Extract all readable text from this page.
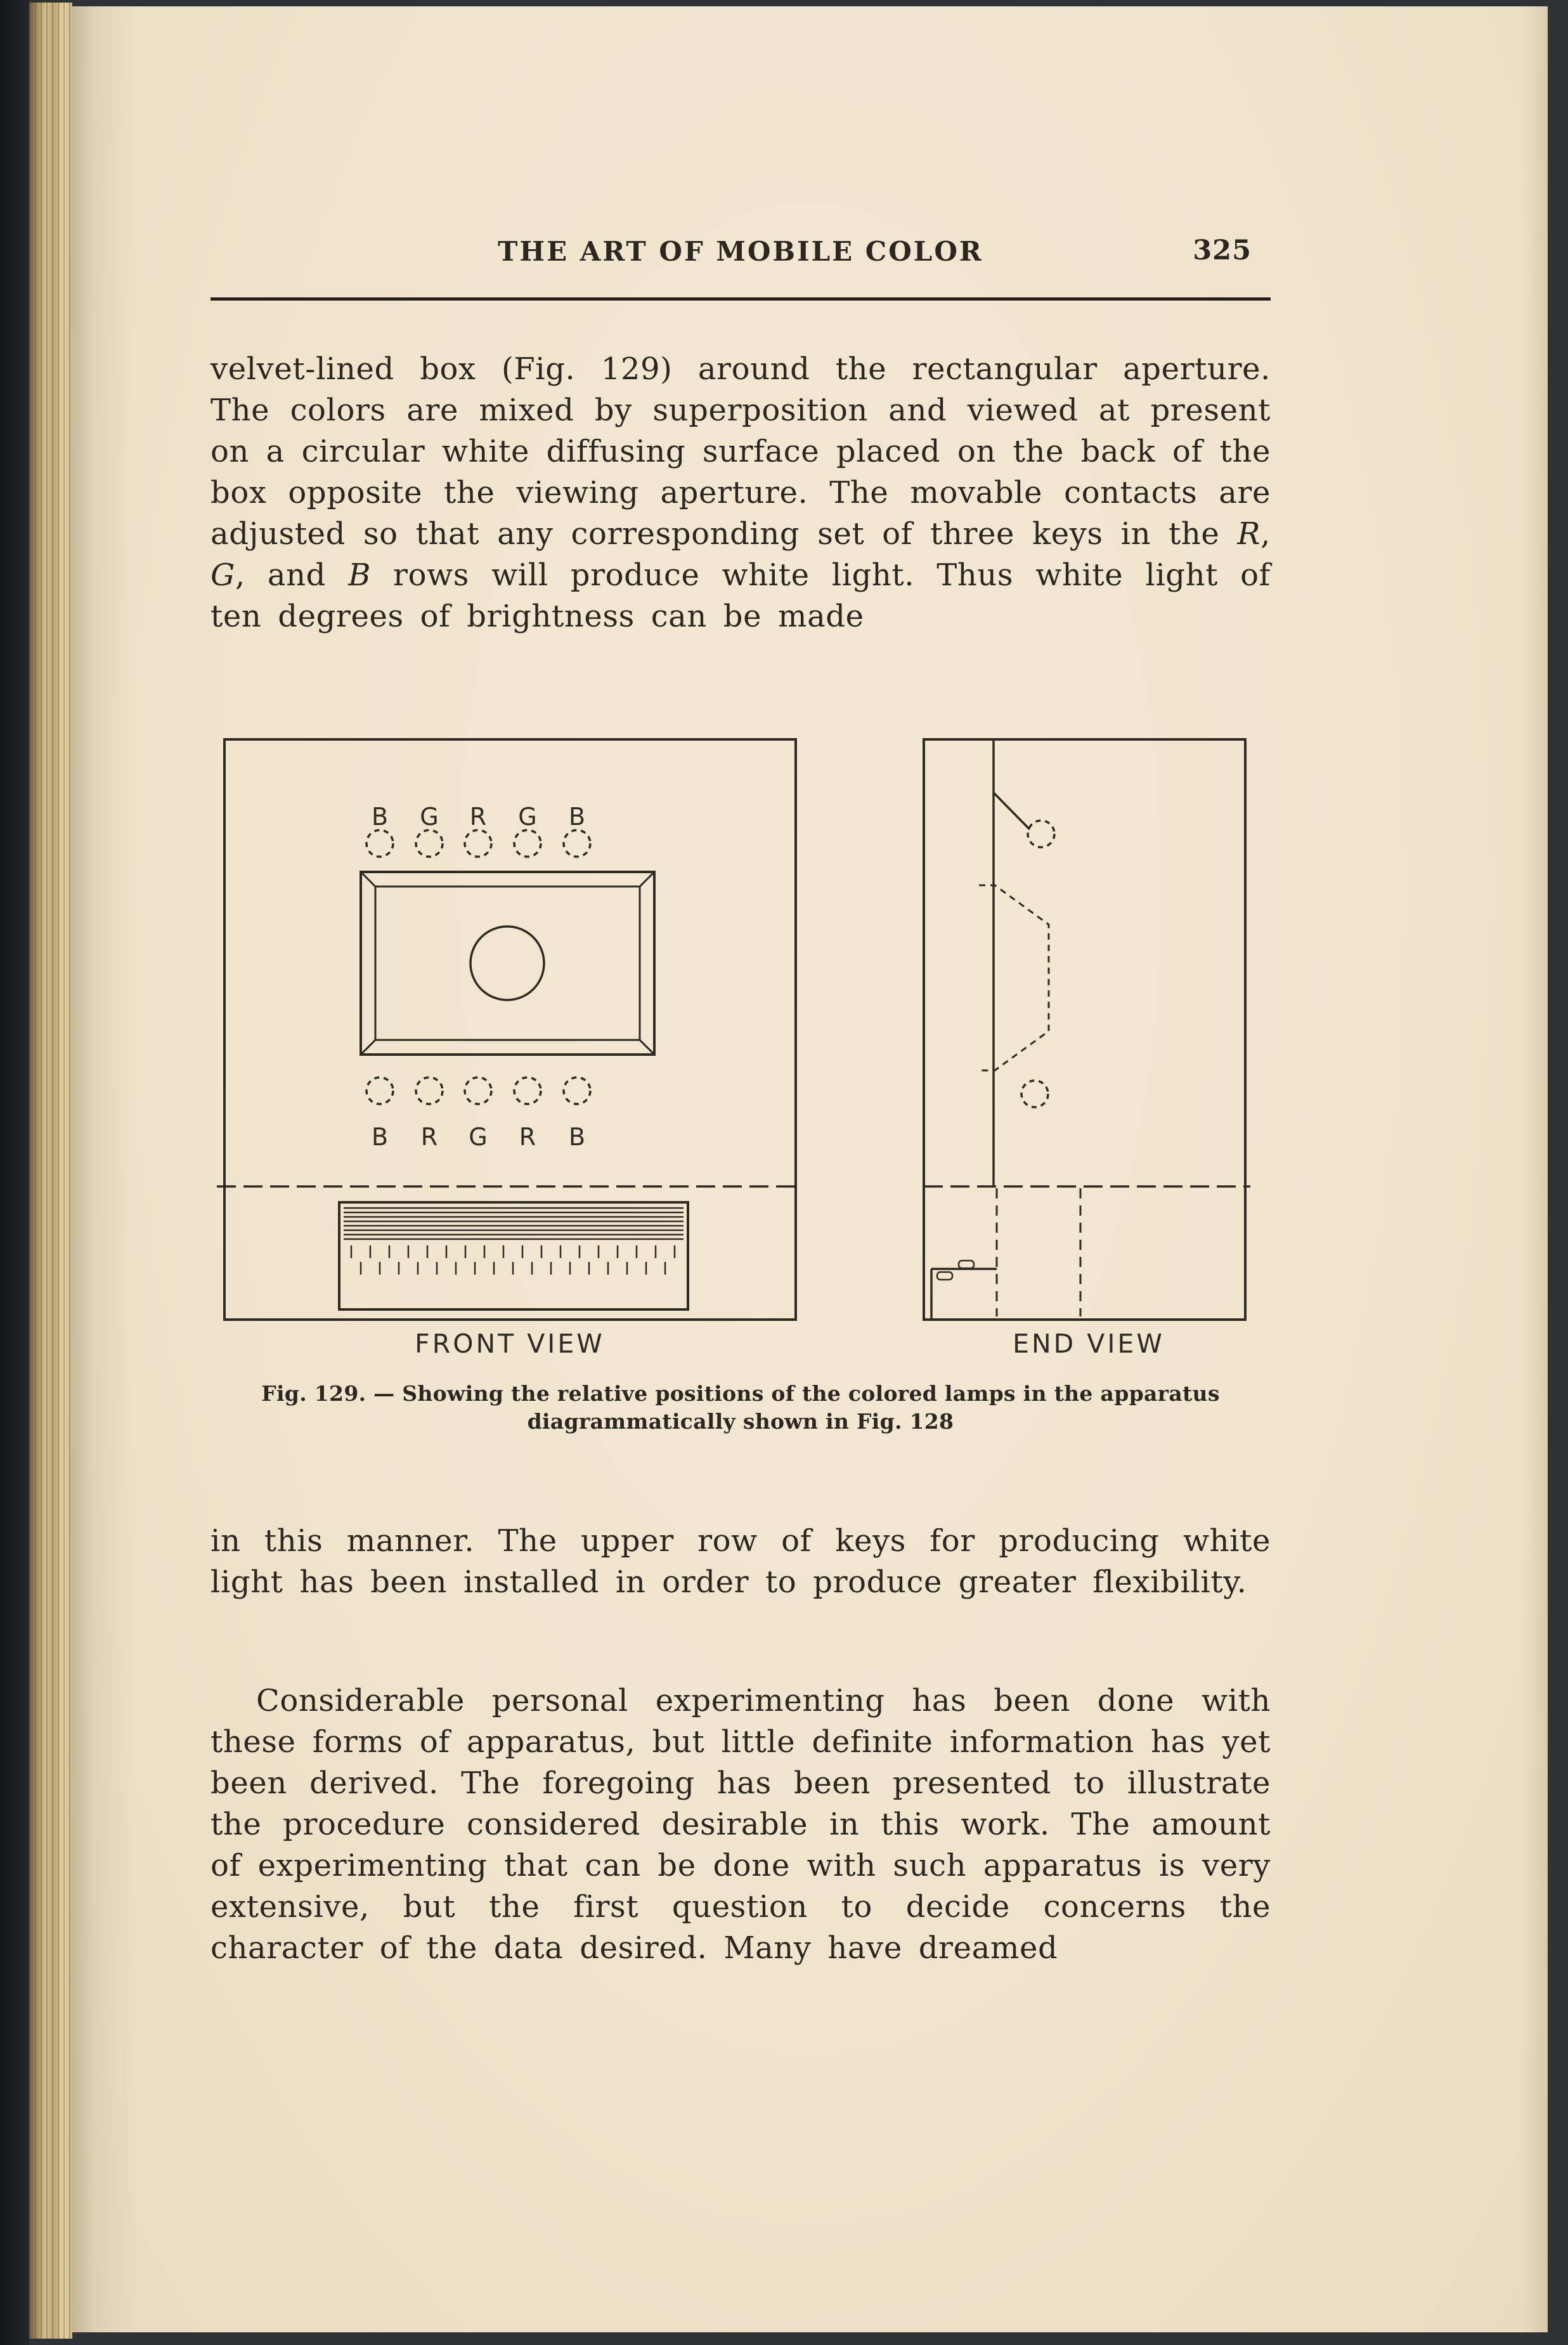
THE ART OF MOBILE COLOR	325

velvet-lined box (Fig. 129) around the rectangular aperture. The colors are mixed by superposition and viewed at present on a circular white diffusing surface placed on the back of the box opposite the viewing aperture. The movable contacts are adjusted so that any corresponding set of three keys in the R, G, and B rows will produce white light. Thus white light of ten degrees of brightness can be made

B G R G B
B R G R B
FRONT VIEW	END VIEW
Fig. 129. — Showing the relative positions of the colored lamps in the apparatus
diagrammatically shown in Fig. 128

in this manner. The upper row of keys for producing white light has been installed in order to produce greater flexibility.

Considerable personal experimenting has been done with these forms of apparatus, but little definite information has yet been derived. The foregoing has been presented to illustrate the procedure considered desirable in this work. The amount of experimenting that can be done with such apparatus is very extensive, but the first question to decide concerns the character of the data desired. Many have dreamed
